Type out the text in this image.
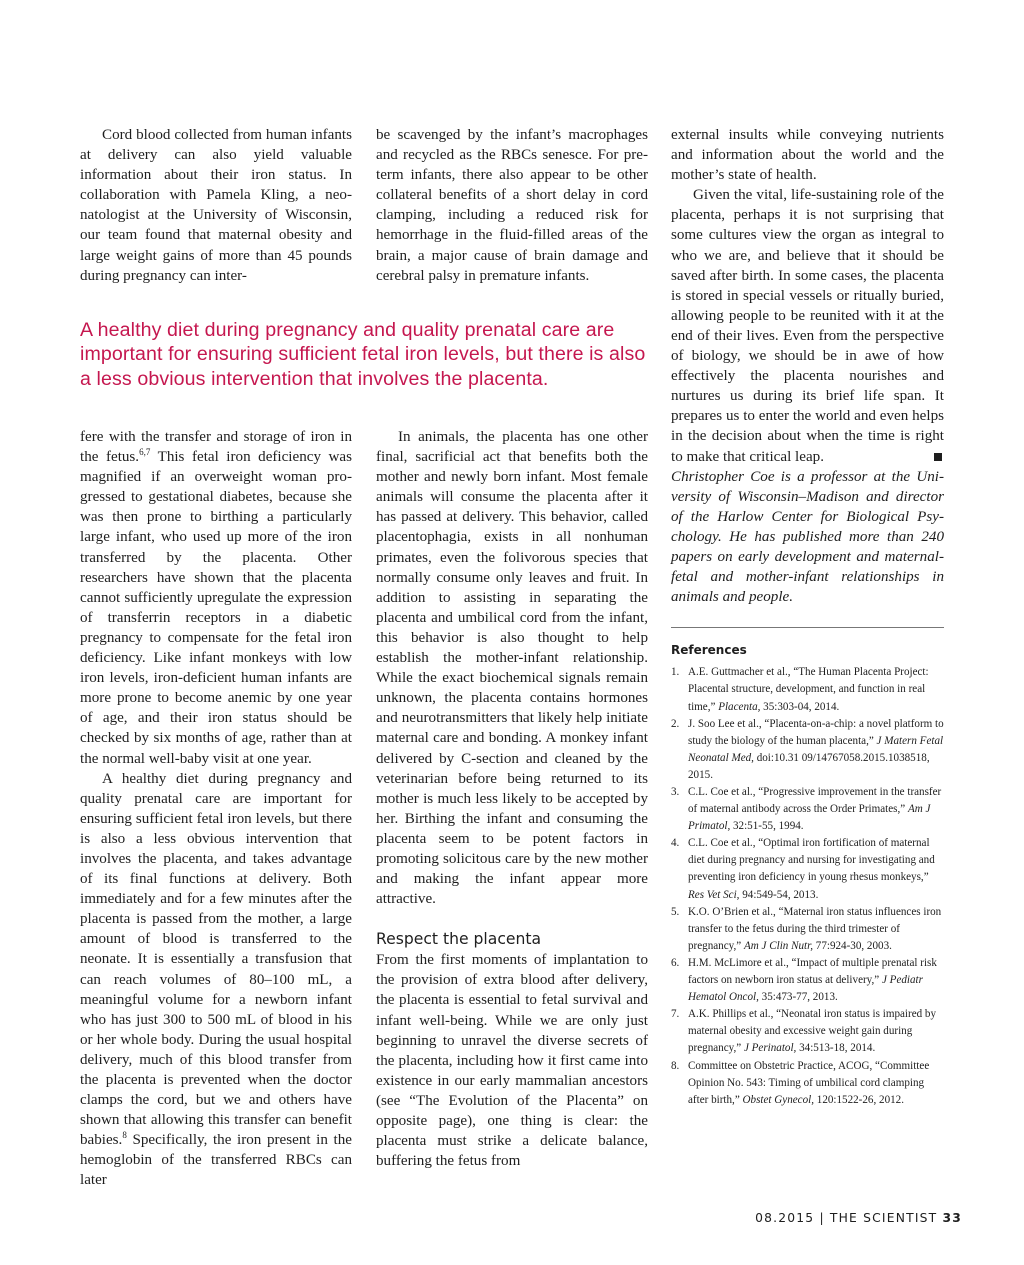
Cord blood collected from human infants at delivery can also yield valuable information about their iron status. In collaboration with Pamela Kling, a neonatologist at the University of Wisconsin, our team found that maternal obesity and large weight gains of more than 45 pounds during pregnancy can inter-

be scavenged by the infant’s macrophages and recycled as the RBCs senesce. For preterm infants, there also appear to be other collateral benefits of a short delay in cord clamping, including a reduced risk for hemorrhage in the fluid-filled areas of the brain, a major cause of brain damage and cerebral palsy in premature infants.

A healthy diet during pregnancy and quality prenatal care are important for ensuring sufficient fetal iron levels, but there is also a less obvious intervention that involves the placenta.

fere with the transfer and storage of iron in the fetus.$^{6,7}$ This fetal iron deficiency was magnified if an overweight woman progressed to gestational diabetes, because she was then prone to birthing a particularly large infant, who used up more of the iron transferred by the placenta. Other researchers have shown that the placenta cannot sufficiently upregulate the expression of transferrin receptors in a diabetic pregnancy to compensate for the fetal iron deficiency. Like infant monkeys with low iron levels, iron-deficient human infants are more prone to become anemic by one year of age, and their iron status should be checked by six months of age, rather than at the normal well-baby visit at one year.

A healthy diet during pregnancy and quality prenatal care are important for ensuring sufficient fetal iron levels, but there is also a less obvious intervention that involves the placenta, and takes advantage of its final functions at delivery. Both immediately and for a few minutes after the placenta is passed from the mother, a large amount of blood is transferred to the neonate. It is essentially a transfusion that can reach volumes of 80–100 mL, a meaningful volume for a newborn infant who has just 300 to 500 mL of blood in his or her whole body. During the usual hospital delivery, much of this blood transfer from the placenta is prevented when the doctor clamps the cord, but we and others have shown that allowing this transfer can benefit babies.$^8$ Specifically, the iron present in the hemoglobin of the transferred RBCs can later

In animals, the placenta has one other final, sacrificial act that benefits both the mother and newly born infant. Most female animals will consume the placenta after it has passed at delivery. This behavior, called placentophagia, exists in all nonhuman primates, even the folivorous species that normally consume only leaves and fruit. In addition to assisting in separating the placenta and umbilical cord from the infant, this behavior is also thought to help establish the mother-infant relationship. While the exact biochemical signals remain unknown, the placenta contains hormones and neurotransmitters that likely help initiate maternal care and bonding. A monkey infant delivered by C-section and cleaned by the veterinarian before being returned to its mother is much less likely to be accepted by her. Birthing the infant and consuming the placenta seem to be potent factors in promoting solicitous care by the new mother and making the infant appear more attractive.

Respect the placenta

From the first moments of implantation to the provision of extra blood after delivery, the placenta is essential to fetal survival and infant well-being. While we are only just beginning to unravel the diverse secrets of the placenta, including how it first came into existence in our early mammalian ancestors (see “The Evolution of the Placenta” on opposite page), one thing is clear: the placenta must strike a delicate balance, buffering the fetus from

external insults while conveying nutrients and information about the world and the mother’s state of health.

Given the vital, life-sustaining role of the placenta, perhaps it is not surprising that some cultures view the organ as integral to who we are, and believe that it should be saved after birth. In some cases, the placenta is stored in special vessels or ritually buried, allowing people to be reunited with it at the end of their lives. Even from the perspective of biology, we should be in awe of how effectively the placenta nourishes and nurtures us during its brief life span. It prepares us to enter the world and even helps in the decision about when the time is right to make that critical leap.

Christopher Coe is a professor at the University of Wisconsin–Madison and director of the Harlow Center for Biological Psychology. He has published more than 240 papers on early development and maternal-fetal and mother-infant relationships in animals and people.

References
1. A.E. Guttmacher et al., “The Human Placenta Project: Placental structure, development, and function in real time,” Placenta, 35:303-04, 2014.
2. J. Soo Lee et al., “Placenta-on-a-chip: a novel platform to study the biology of the human placenta,” J Matern Fetal Neonatal Med, doi:10.31 09/14767058.2015.1038518, 2015.
3. C.L. Coe et al., “Progressive improvement in the transfer of maternal antibody across the Order Primates,” Am J Primatol, 32:51-55, 1994.
4. C.L. Coe et al., “Optimal iron fortification of maternal diet during pregnancy and nursing for investigating and preventing iron deficiency in young rhesus monkeys,” Res Vet Sci, 94:549-54, 2013.
5. K.O. O’Brien et al., “Maternal iron status influences iron transfer to the fetus during the third trimester of pregnancy,” Am J Clin Nutr, 77:924-30, 2003.
6. H.M. McLimore et al., “Impact of multiple prenatal risk factors on newborn iron status at delivery,” J Pediatr Hematol Oncol, 35:473-77, 2013.
7. A.K. Phillips et al., “Neonatal iron status is impaired by maternal obesity and excessive weight gain during pregnancy,” J Perinatol, 34:513-18, 2014.
8. Committee on Obstetric Practice, ACOG, “Committee Opinion No. 543: Timing of umbilical cord clamping after birth,” Obstet Gynecol, 120:1522-26, 2012.
08.2015 | THE SCIENTIST 33
